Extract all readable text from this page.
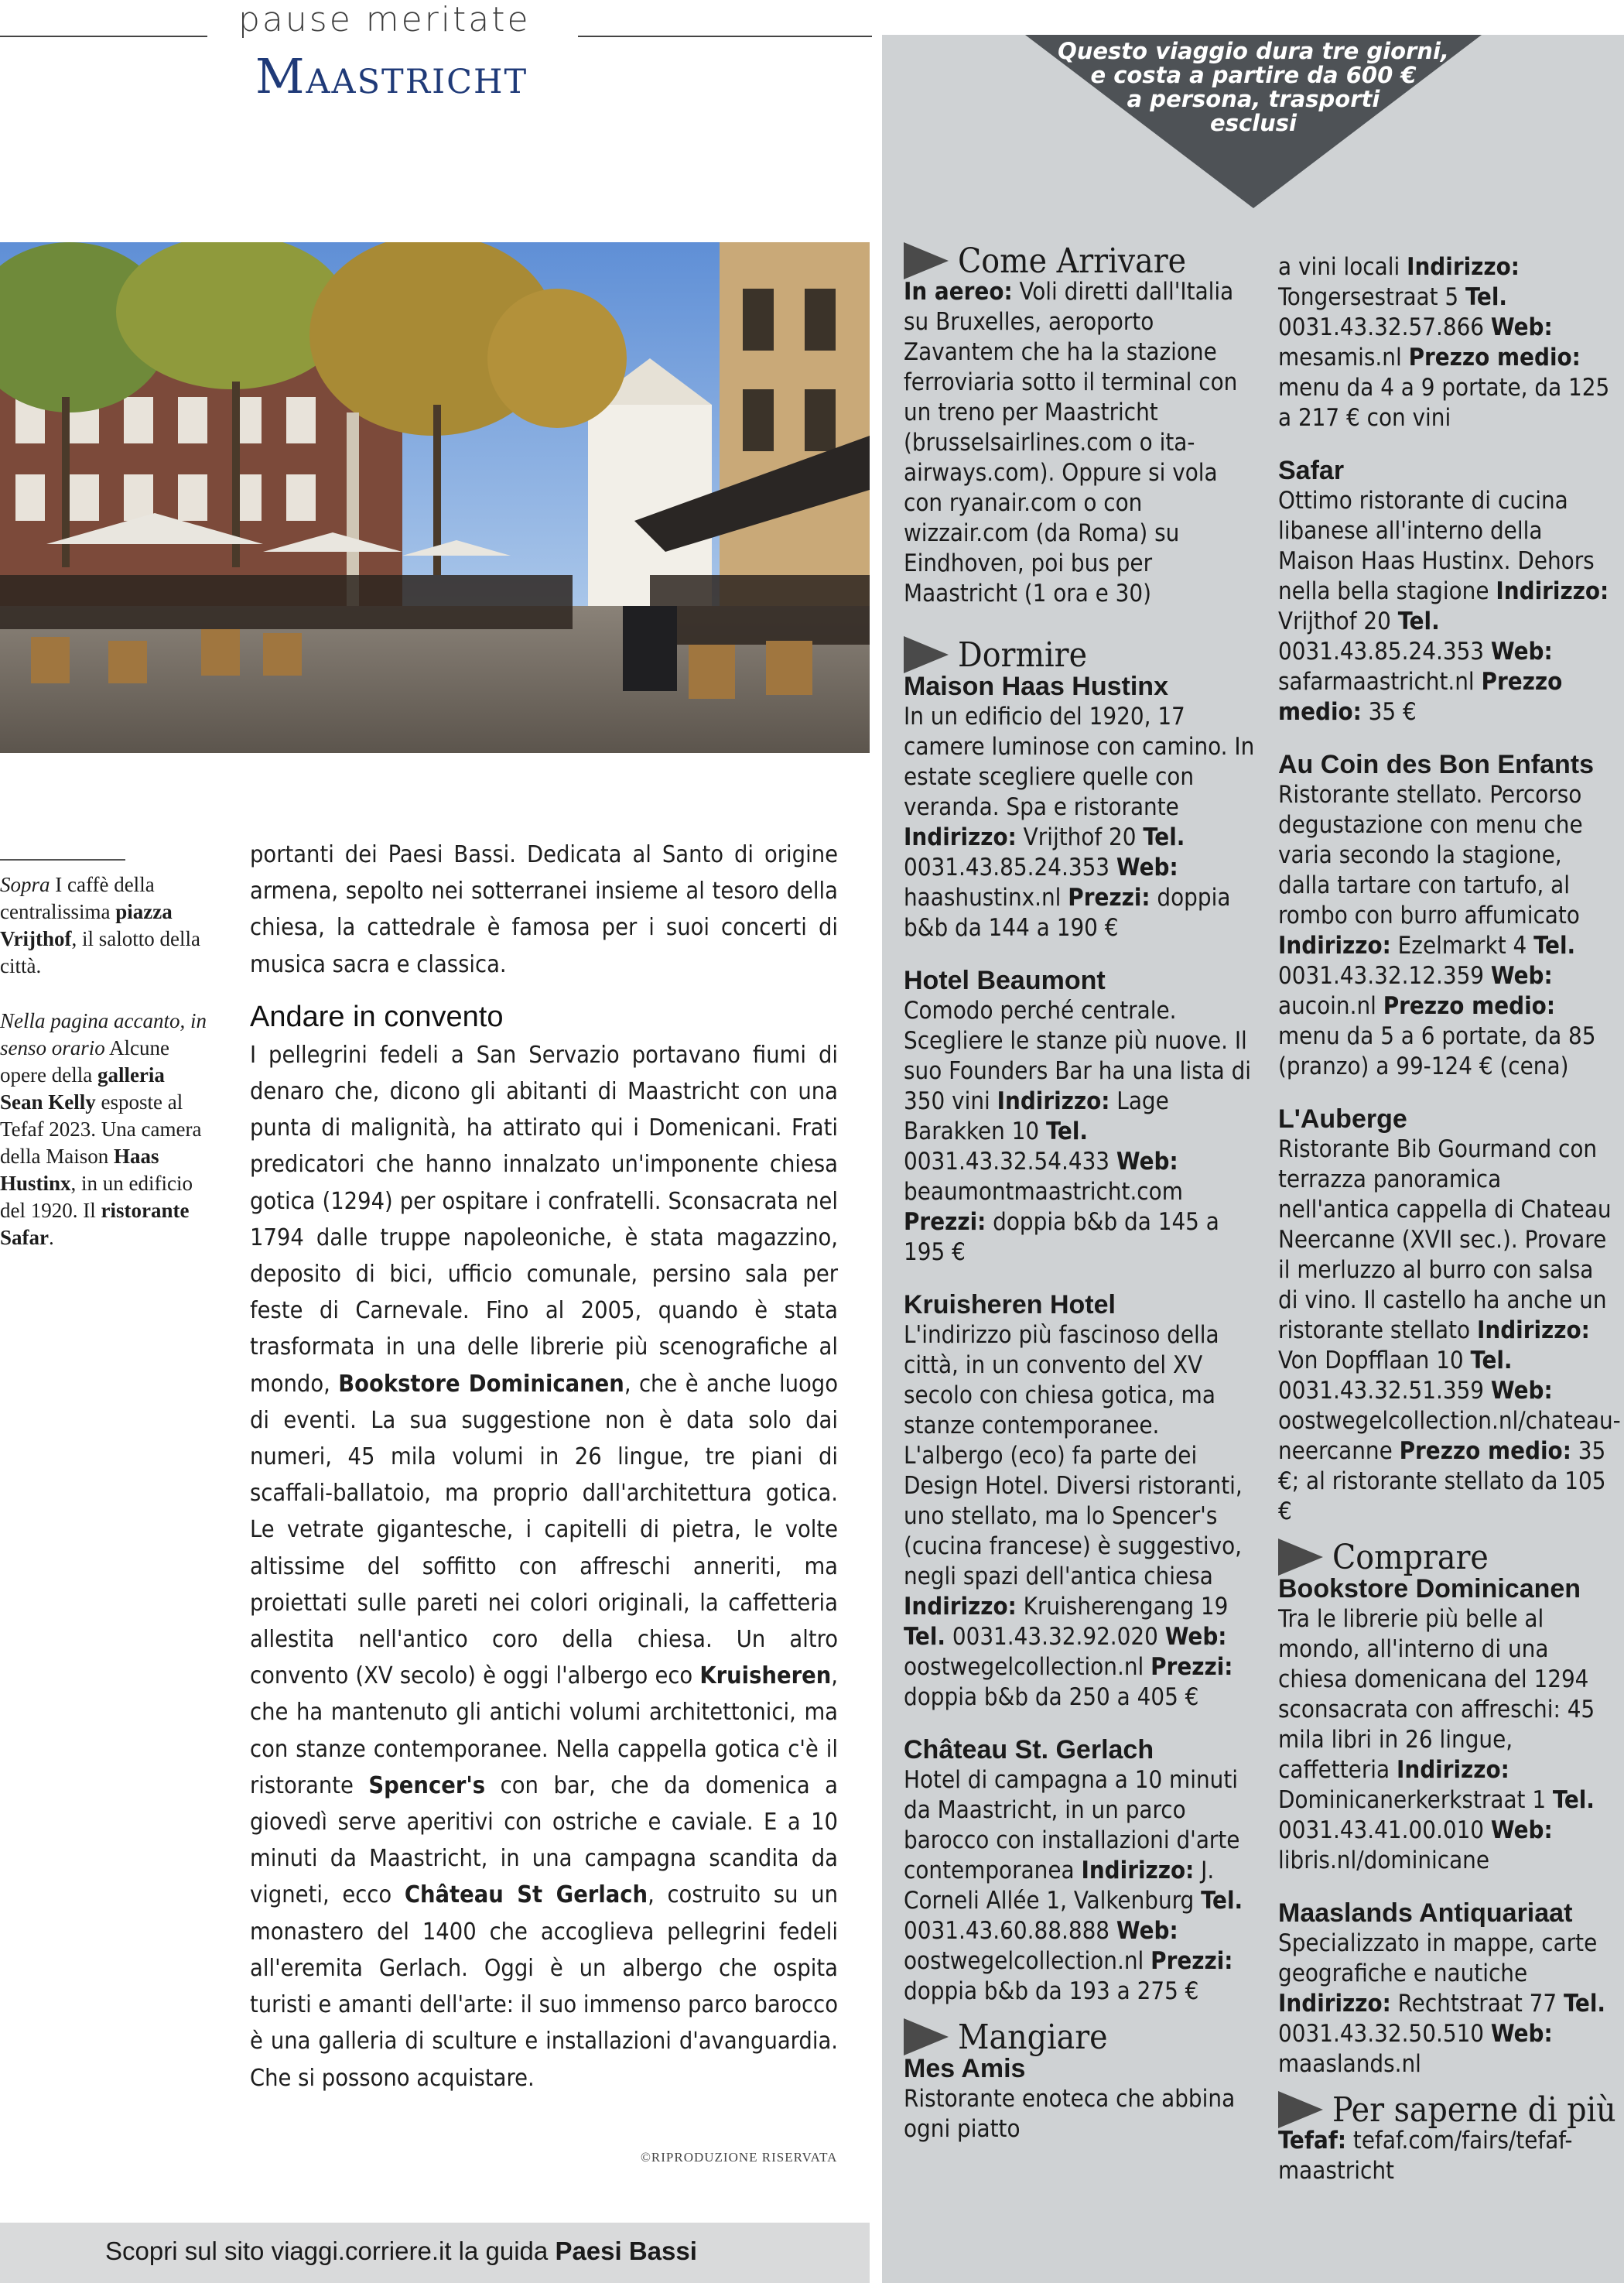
pause meritate
Maastricht
Sopra I caffè della centralissima piazza Vrijthof, il salotto della città.
Nella pagina accanto, in senso orario Alcune opere della galleria Sean Kelly esposte al Tefaf 2023. Una camera della Maison Haas Hustinx, in un edificio del 1920. Il ristorante Safar.

portanti dei Paesi Bassi. Dedicata al Santo di origine armena, sepolto nei sotterranei insieme al tesoro della chiesa, la cattedrale è famosa per i suoi concerti di musica sacra e classica.

Andare in convento

I pellegrini fedeli a San Servazio portavano fiumi di denaro che, dicono gli abitanti di Maastricht con una punta di malignità, ha attirato qui i Domenicani. Frati predicatori che hanno innalzato un'imponente chiesa gotica (1294) per ospitare i confratelli. Sconsacrata nel 1794 dalle truppe napoleoniche, è stata magazzino, deposito di bici, ufficio comunale, persino sala per feste di Carnevale. Fino al 2005, quando è stata trasformata in una delle librerie più scenografiche al mondo, Bookstore Dominicanen, che è anche luogo di eventi. La sua suggestione non è data solo dai numeri, 45 mila volumi in 26 lingue, tre piani di scaffali-ballatoio, ma proprio dall'architettura gotica. Le vetrate gigantesche, i capitelli di pietra, le volte altissime del soffitto con affreschi anneriti, ma proiettati sulle pareti nei colori originali, la caffetteria allestita nell'antico coro della chiesa. Un altro convento (XV secolo) è oggi l'albergo eco Kruisheren, che ha mantenuto gli antichi volumi architettonici, ma con stanze contemporanee. Nella cappella gotica c'è il ristorante Spencer's con bar, che da domenica a giovedì serve aperitivi con ostriche e caviale. E a 10 minuti da Maastricht, in una campagna scandita da vigneti, ecco Château St Gerlach, costruito su un monastero del 1400 che accoglieva pellegrini fedeli all'eremita Gerlach. Oggi è un albergo che ospita turisti e amanti dell'arte: il suo immenso parco barocco è una galleria di sculture e installazioni d'avanguardia. Che si possono acquistare.

©RIPRODUZIONE RISERVATA
Scopri sul sito viaggi.corriere.it la guida Paesi Bassi
Questo viaggio dura tre giorni,
e costa a partire da 600 €
a persona, trasporti
esclusi
Come Arrivare

In aereo: Voli diretti dall'Italia su Bruxelles, aeroporto Zavantem che ha la stazione ferroviaria sotto il terminal con un treno per Maastricht (brusselsairlines.com o ita-airways.com). Oppure si vola con ryanair.com o con wizzair.com (da Roma) su Eindhoven, poi bus per Maastricht (1 ora e 30)

Dormire
Maison Haas Hustinx

In un edificio del 1920, 17 camere luminose con camino. In estate scegliere quelle con veranda. Spa e ristorante Indirizzo: Vrijthof 20 Tel. 0031.43.85.24.353 Web: haashustinx.nl Prezzi: doppia b&b da 144 a 190 €

Hotel Beaumont

Comodo perché centrale. Scegliere le stanze più nuove. Il suo Founders Bar ha una lista di 350 vini Indirizzo: Lage Barakken 10 Tel. 0031.43.32.54.433 Web: beaumontmaastricht.com Prezzi: doppia b&b da 145 a 195 €

Kruisheren Hotel

L'indirizzo più fascinoso della città, in un convento del XV secolo con chiesa gotica, ma stanze contemporanee. L'albergo (eco) fa parte dei Design Hotel. Diversi ristoranti, uno stellato, ma lo Spencer's (cucina francese) è suggestivo, negli spazi dell'antica chiesa Indirizzo: Kruisherengang 19 Tel. 0031.43.32.92.020 Web: oostwegelcollection.nl Prezzi: doppia b&b da 250 a 405 €

Château St. Gerlach

Hotel di campagna a 10 minuti da Maastricht, in un parco barocco con installazioni d'arte contemporanea Indirizzo: J. Corneli Allée 1, Valkenburg Tel. 0031.43.60.88.888 Web: oostwegelcollection.nl Prezzi: doppia b&b da 193 a 275 €

Mangiare
Mes Amis

Ristorante enoteca che abbina ogni piatto

a vini locali Indirizzo: Tongersestraat 5 Tel. 0031.43.32.57.866 Web: mesamis.nl Prezzo medio: menu da 4 a 9 portate, da 125 a 217 € con vini

Safar

Ottimo ristorante di cucina libanese all'interno della Maison Haas Hustinx. Dehors nella bella stagione Indirizzo: Vrijthof 20 Tel. 0031.43.85.24.353 Web: safarmaastricht.nl Prezzo medio: 35 €

Au Coin des Bon Enfants

Ristorante stellato. Percorso degustazione con menu che varia secondo la stagione, dalla tartare con tartufo, al rombo con burro affumicato Indirizzo: Ezelmarkt 4 Tel. 0031.43.32.12.359 Web: aucoin.nl Prezzo medio: menu da 5 a 6 portate, da 85 (pranzo) a 99-124 € (cena)

L'Auberge

Ristorante Bib Gourmand con terrazza panoramica nell'antica cappella di Chateau Neercanne (XVII sec.). Provare il merluzzo al burro con salsa di vino. Il castello ha anche un ristorante stellato Indirizzo: Von Dopfflaan 10 Tel. 0031.43.32.51.359 Web: oostwegelcollection.nl/chateau-neercanne Prezzo medio: 35 €; al ristorante stellato da 105 €

Comprare
Bookstore Dominicanen

Tra le librerie più belle al mondo, all'interno di una chiesa domenicana del 1294 sconsacrata con affreschi: 45 mila libri in 26 lingue, caffetteria Indirizzo: Dominicanerkerkstraat 1 Tel. 0031.43.41.00.010 Web: libris.nl/dominicane

Maaslands Antiquariaat

Specializzato in mappe, carte geografiche e nautiche Indirizzo: Rechtstraat 77 Tel. 0031.43.32.50.510 Web: maaslands.nl

Per saperne di più

Tefaf: tefaf.com/fairs/tefaf-maastricht
